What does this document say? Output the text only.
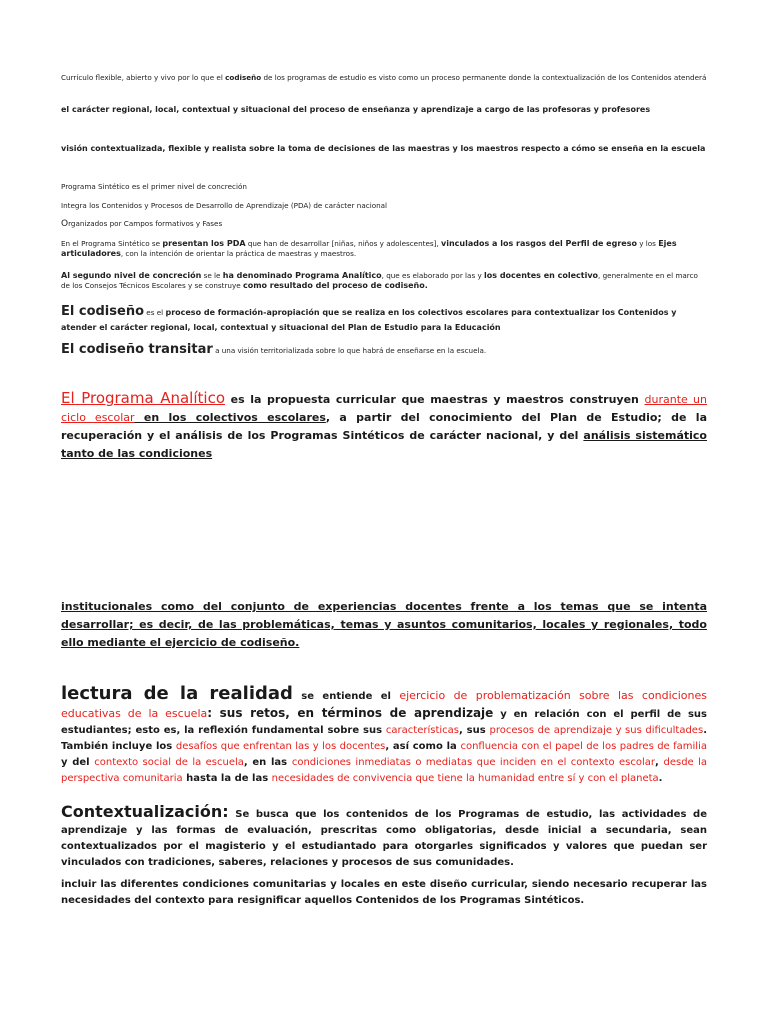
Currículo flexible, abierto y vivo por lo que el codiseño de los programas de estudio es visto como un proceso permanente donde la contextualización de los Contenidos atenderá

el carácter regional, local, contextual y situacional del proceso de enseñanza y aprendizaje a cargo de las profesoras y profesores

visión contextualizada, flexible y realista sobre la toma de decisiones de las maestras y los maestros respecto a cómo se enseña en la escuela

Programa Sintético es el primer nivel de concreción

Integra los Contenidos y Procesos de Desarrollo de Aprendizaje (PDA) de carácter nacional

Organizados por Campos formativos y Fases

En el Programa Sintético se presentan los PDA que han de desarrollar [niñas, niños y adolescentes], vinculados a los rasgos del Perfil de egreso y los Ejes articuladores, con la intención de orientar la práctica de maestras y maestros.

Al segundo nivel de concreción se le ha denominado Programa Analítico, que es elaborado por las y los docentes en colectivo, generalmente en el marco de los Consejos Técnicos Escolares y se construye como resultado del proceso de codiseño.

El codiseño es el proceso de formación-apropiación que se realiza en los colectivos escolares para contextualizar los Contenidos y atender el carácter regional, local, contextual y situacional del Plan de Estudio para la Educación

El codiseño transitar a una visión territorializada sobre lo que habrá de enseñarse en la escuela.

El Programa Analítico es la propuesta curricular que maestras y maestros construyen durante un ciclo escolar en los colectivos escolares, a partir del conocimiento del Plan de Estudio; de la recuperación y el análisis de los Programas Sintéticos de carácter nacional, y del análisis sistemático tanto de las condiciones

institucionales como del conjunto de experiencias docentes frente a los temas que se intenta desarrollar; es decir, de las problemáticas, temas y asuntos comunitarios, locales y regionales, todo ello mediante el ejercicio de codiseño.

lectura de la realidad se entiende el ejercicio de problematización sobre las condiciones educativas de la escuela: sus retos, en términos de aprendizaje y en relación con el perfil de sus estudiantes; esto es, la reflexión fundamental sobre sus características, sus procesos de aprendizaje y sus dificultades. También incluye los desafíos que enfrentan las y los docentes, así como la confluencia con el papel de los padres de familia y del contexto social de la escuela, en las condiciones inmediatas o mediatas que inciden en el contexto escolar, desde la perspectiva comunitaria hasta la de las necesidades de convivencia que tiene la humanidad entre sí y con el planeta.

Contextualización: Se busca que los contenidos de los Programas de estudio, las actividades de aprendizaje y las formas de evaluación, prescritas como obligatorias, desde inicial a secundaria, sean contextualizados por el magisterio y el estudiantado para otorgarles significados y valores que puedan ser vinculados con tradiciones, saberes, relaciones y procesos de sus comunidades.

incluir las diferentes condiciones comunitarias y locales en este diseño curricular, siendo necesario recuperar las necesidades del contexto para resignificar aquellos Contenidos de los Programas Sintéticos.
